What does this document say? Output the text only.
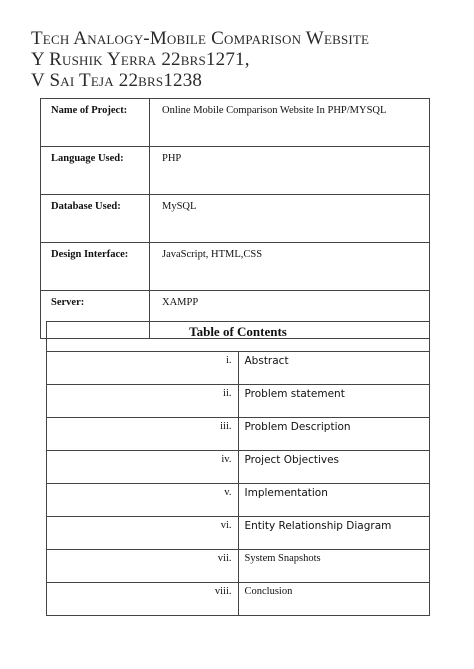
Tech Analogy-Mobile Comparison Website
Y Rushik Yerra 22brs1271,
V Sai Teja 22brs1238
Name of Project:	Online Mobile Comparison Website In PHP/MYSQL
Language Used:	PHP
Database Used:	MySQL
Design Interface:	JavaScript, HTML,CSS
Server:	XAMPP
Table of Contents	
i.	Abstract
ii.	Problem statement
iii.	Problem Description
iv.	Project Objectives
v.	Implementation
vi.	Entity Relationship Diagram
vii.	System Snapshots
viii.	Conclusion
